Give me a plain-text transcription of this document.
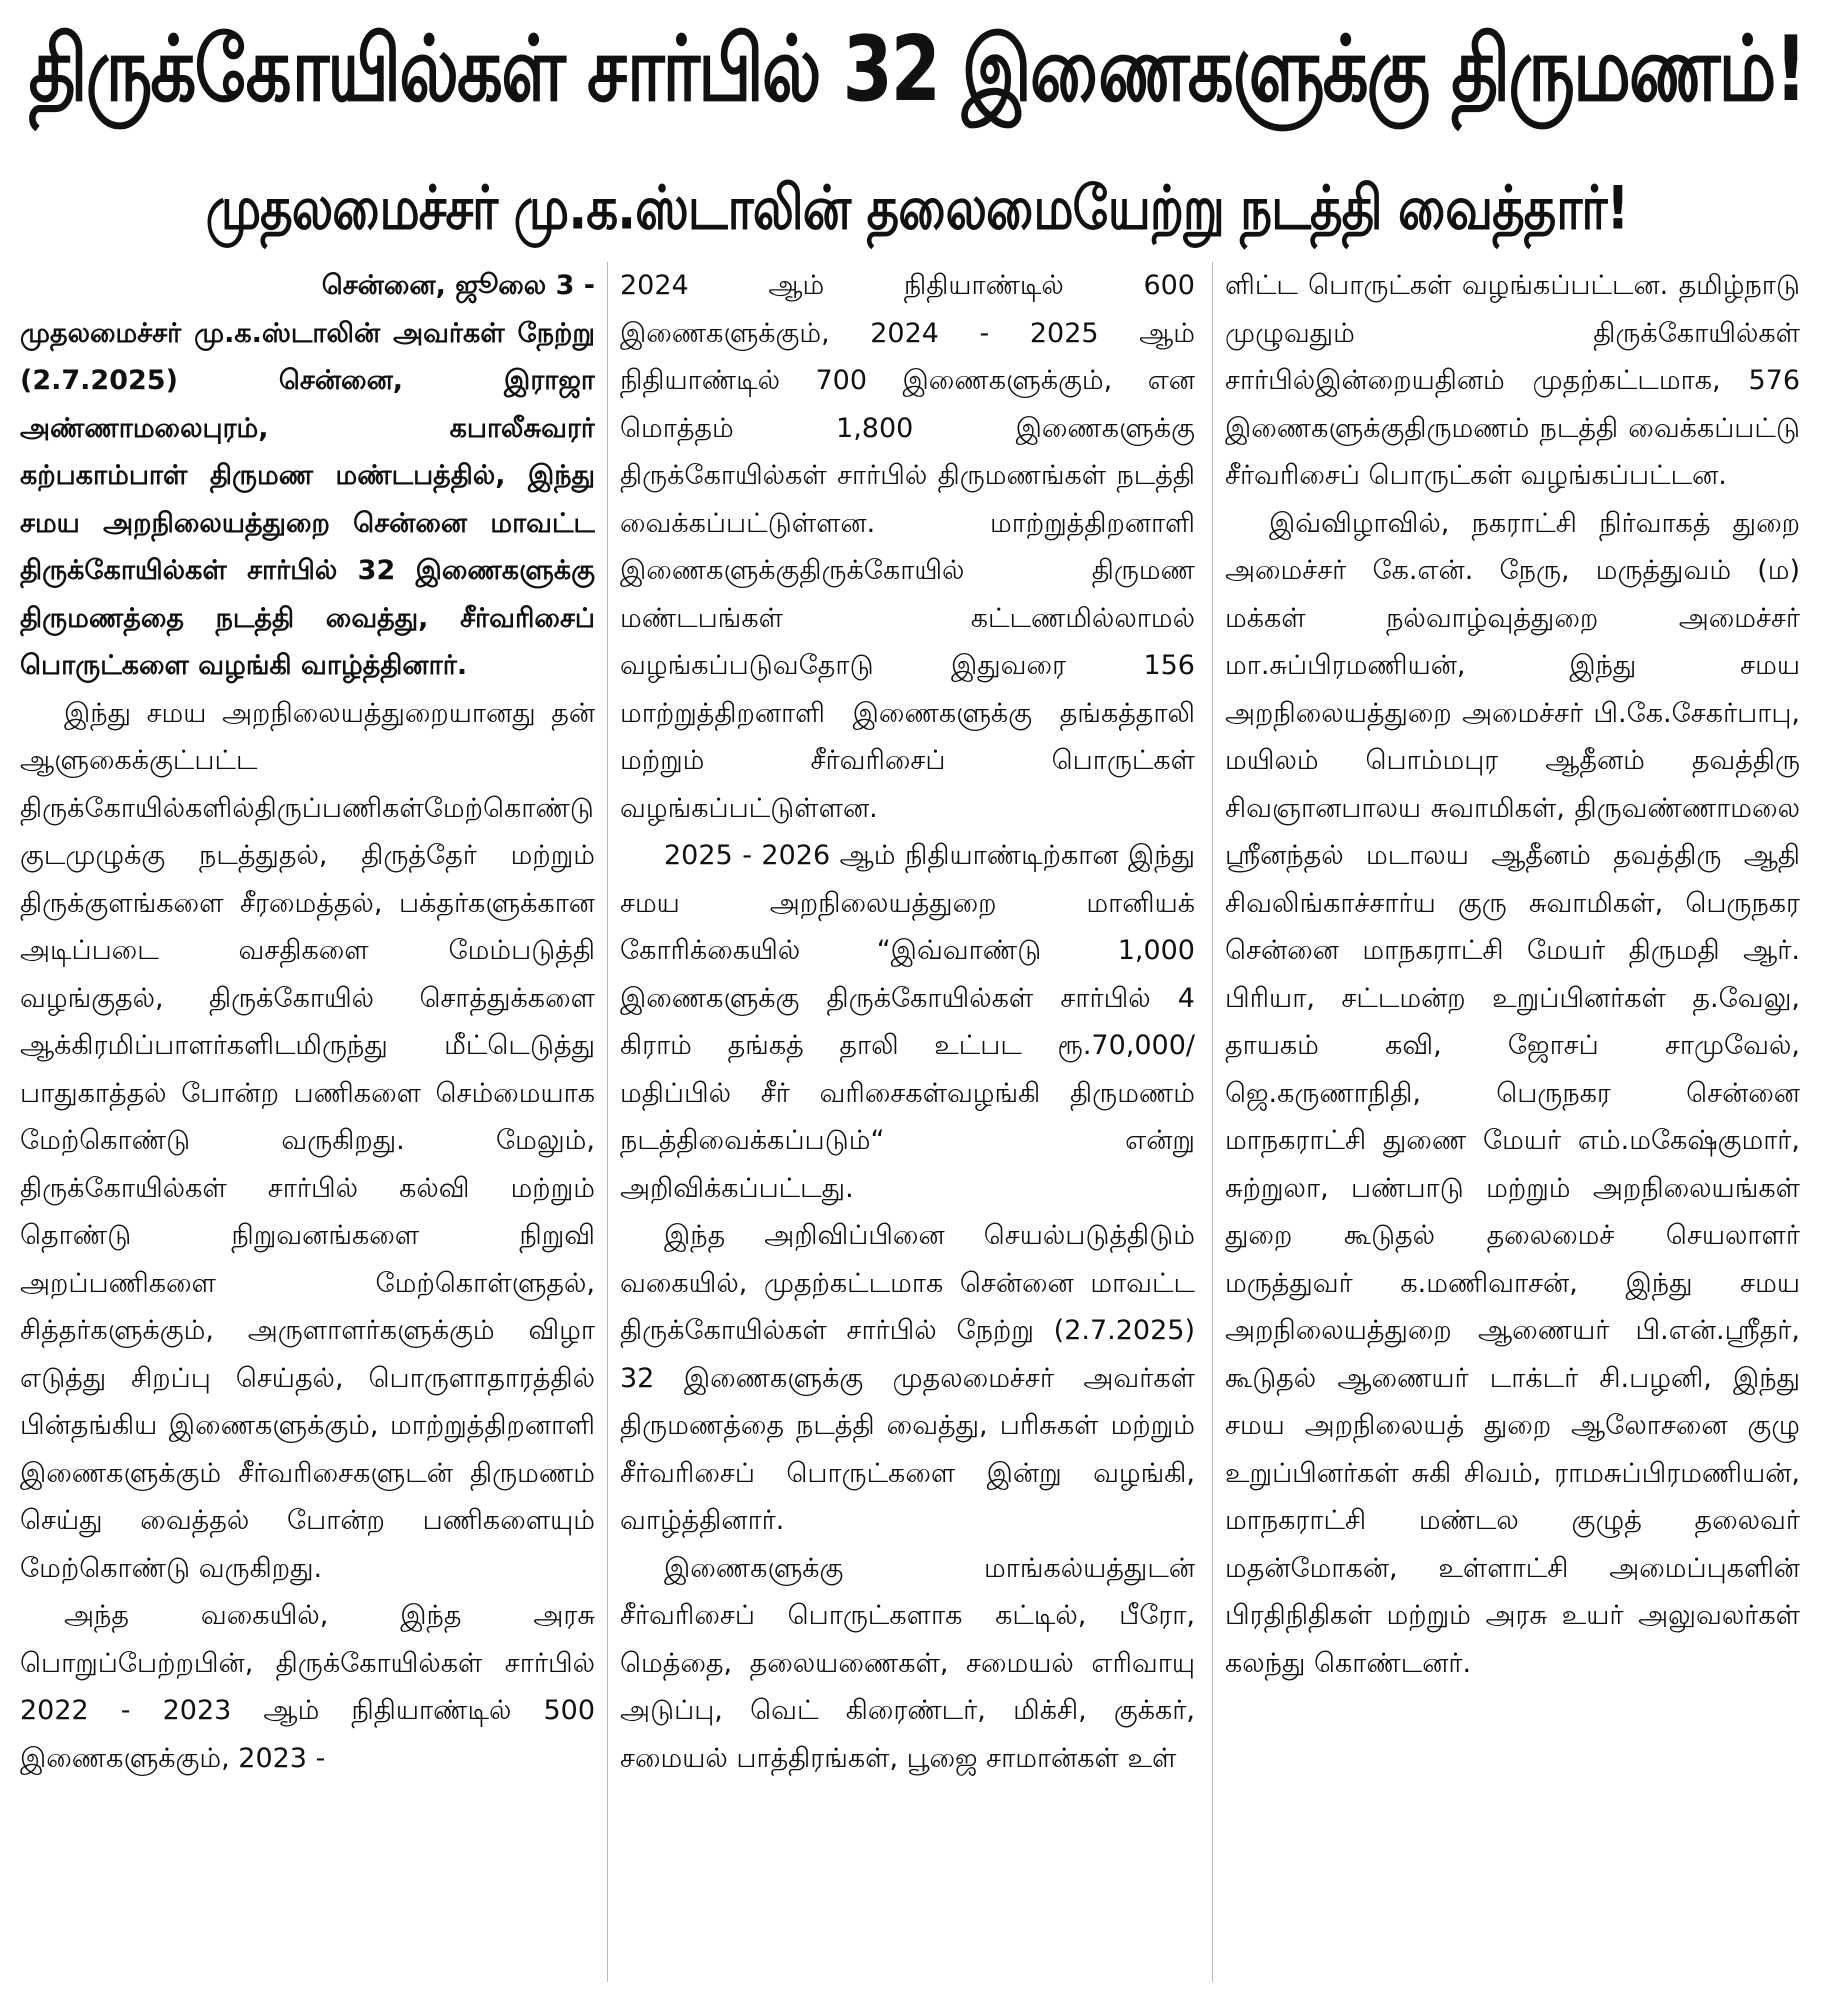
திருக்கோயில்கள் சார்பில் 32 இணைகளுக்கு திருமணம்!
முதலமைச்சர் மு.க.ஸ்டாலின் தலைமையேற்று நடத்தி வைத்தார்!

சென்னை, ஜூலை 3 -
முதலமைச்சர் மு.க.ஸ்டாலின் அவர்கள் நேற்று (2.7.2025) சென்னை, இராஜா அண்ணாமலைபுரம், கபாலீசுவரர் கற்பகாம்பாள் திருமண மண்டபத்தில், இந்து சமய அறநிலையத்துறை சென்னை மாவட்ட திருக்கோயில்கள் சார்பில் 32 இணைகளுக்கு திருமணத்தை நடத்தி வைத்து, சீர்வரிசைப் பொருட்களை வழங்கி வாழ்த்தினார்.

இந்து சமய அறநிலையத்துறையானது தன் ஆளுகைக்குட்பட்ட திருக்கோயில்களில்திருப்பணிகள்மேற்கொண்டு குடமுழுக்கு நடத்துதல், திருத்தேர் மற்றும் திருக்குளங்களை சீரமைத்தல், பக்தர்களுக்கான அடிப்படை வசதிகளை மேம்படுத்தி வழங்குதல், திருக்கோயில் சொத்துக்களை ஆக்கிரமிப்பாளர்களிடமிருந்து மீட்டெடுத்து பாதுகாத்தல் போன்ற பணிகளை செம்மையாக மேற்கொண்டு வருகிறது. மேலும், திருக்கோயில்கள் சார்பில் கல்வி மற்றும் தொண்டு நிறுவனங்களை நிறுவி அறப்பணிகளை மேற்கொள்ளுதல், சித்தர்களுக்கும், அருளாளர்களுக்கும் விழா எடுத்து சிறப்பு செய்தல், பொருளாதாரத்தில் பின்தங்கிய இணைகளுக்கும், மாற்றுத்திறனாளி இணைகளுக்கும் சீர்வரிசைகளுடன் திருமணம் செய்து வைத்தல் போன்ற பணிகளையும் மேற்கொண்டு வருகிறது.

அந்த வகையில், இந்த அரசு பொறுப்பேற்றபின், திருக்கோயில்கள் சார்பில் 2022 - 2023 ஆம் நிதியாண்டில் 500 இணைகளுக்கும், 2023 -

2024 ஆம் நிதியாண்டில் 600 இணைகளுக்கும், 2024 - 2025 ஆம் நிதியாண்டில் 700 இணைகளுக்கும், என மொத்தம் 1,800 இணைகளுக்கு திருக்கோயில்கள் சார்பில் திருமணங்கள் நடத்தி வைக்கப்பட்டுள்ளன. மாற்றுத்திறனாளி இணைகளுக்குதிருக்கோயில் திருமண மண்டபங்கள் கட்டணமில்லாமல் வழங்கப்படுவதோடு இதுவரை 156 மாற்றுத்திறனாளி இணைகளுக்கு தங்கத்தாலி மற்றும் சீர்வரிசைப் பொருட்கள் வழங்கப்பட்டுள்ளன.

2025 - 2026 ஆம் நிதியாண்டிற்கான இந்து சமய அறநிலையத்துறை மானியக் கோரிக்கையில் “இவ்வாண்டு 1,000 இணைகளுக்கு திருக்கோயில்கள் சார்பில் 4 கிராம் தங்கத் தாலி உட்பட ரூ.70,000/ மதிப்பில் சீர் வரிசைகள்வழங்கி திருமணம் நடத்திவைக்கப்படும்“ என்று அறிவிக்கப்பட்டது.

இந்த அறிவிப்பினை செயல்படுத்திடும் வகையில், முதற்கட்டமாக சென்னை மாவட்ட திருக்கோயில்கள் சார்பில் நேற்று (2.7.2025) 32 இணைகளுக்கு முதலமைச்சர் அவர்கள் திருமணத்தை நடத்தி வைத்து, பரிசுகள் மற்றும் சீர்வரிசைப் பொருட்களை இன்று வழங்கி, வாழ்த்தினார்.

இணைகளுக்கு மாங்கல்யத்துடன் சீர்வரிசைப் பொருட்களாக கட்டில், பீரோ, மெத்தை, தலையணைகள், சமையல் எரிவாயு அடுப்பு, வெட் கிரைண்டர், மிக்சி, குக்கர், சமையல் பாத்திரங்கள், பூஜை சாமான்கள் உள்

ளிட்ட பொருட்கள் வழங்கப்பட்டன. தமிழ்நாடு முழுவதும் திருக்கோயில்கள் சார்பில்இன்றையதினம் முதற்கட்டமாக, 576 இணைகளுக்குதிருமணம் நடத்தி வைக்கப்பட்டு சீர்வரிசைப் பொருட்கள் வழங்கப்பட்டன.

இவ்விழாவில், நகராட்சி நிர்வாகத் துறை அமைச்சர் கே.என். நேரு, மருத்துவம் (ம) மக்கள் நல்வாழ்வுத்துறை அமைச்சர் மா.சுப்பிரமணியன், இந்து சமய அறநிலையத்துறை அமைச்சர் பி.கே.சேகர்பாபு, மயிலம் பொம்மபுர ஆதீனம் தவத்திரு சிவஞானபாலய சுவாமிகள், திருவண்ணாமலை ஸ்ரீனந்தல் மடாலய ஆதீனம் தவத்திரு ஆதி சிவலிங்காச்சார்ய குரு சுவாமிகள், பெருநகர சென்னை மாநகராட்சி மேயர் திருமதி ஆர். பிரியா, சட்டமன்ற உறுப்பினர்கள் த.வேலு, தாயகம் கவி, ஜோசப் சாமுவேல், ஜெ.கருணாநிதி, பெருநகர சென்னை மாநகராட்சி துணை மேயர் எம்.மகேஷ்குமார், சுற்றுலா, பண்பாடு மற்றும் அறநிலையங்கள் துறை கூடுதல் தலைமைச் செயலாளர் மருத்துவர் க.மணிவாசன், இந்து சமய அறநிலையத்துறை ஆணையர் பி.என்.ஸ்ரீதர், கூடுதல் ஆணையர் டாக்டர் சி.பழனி, இந்து சமய அறநிலையத் துறை ஆலோசனை குழு உறுப்பினர்கள் சுகி சிவம், ராமசுப்பிரமணியன், மாநகராட்சி மண்டல குழுத் தலைவர் மதன்மோகன், உள்ளாட்சி அமைப்புகளின் பிரதிநிதிகள் மற்றும் அரசு உயர் அலுவலர்கள் கலந்து கொண்டனர்.
